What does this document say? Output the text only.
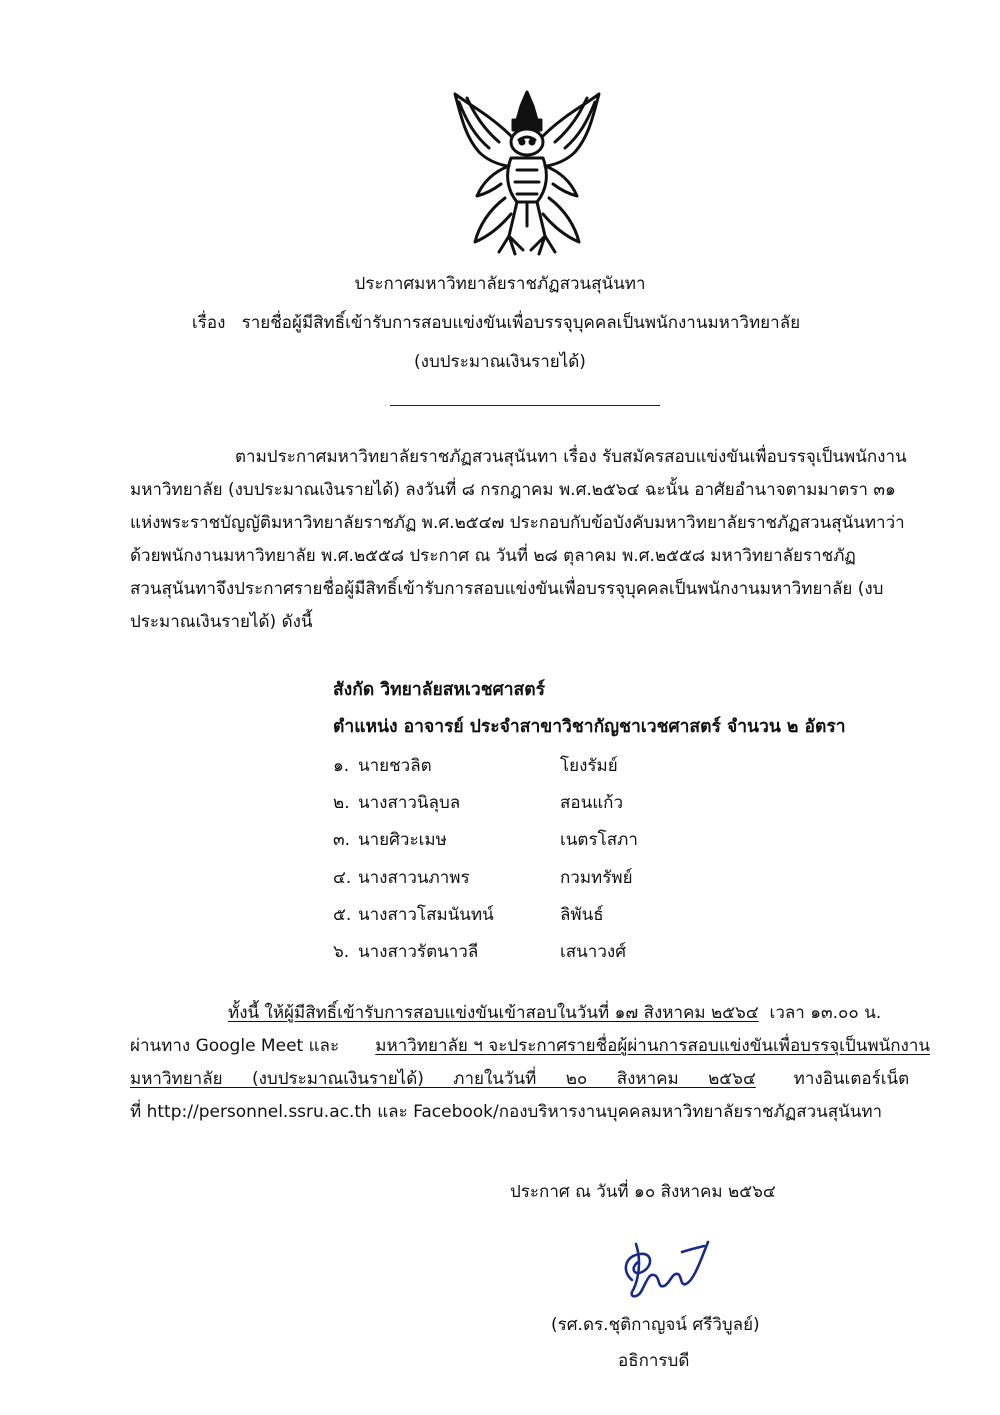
ประกาศมหาวิทยาลัยราชภัฏสวนสุนันทา
เรื่อง รายชื่อผู้มีสิทธิ์เข้ารับการสอบแข่งขันเพื่อบรรจุบุคคลเป็นพนักงานมหาวิทยาลัย
(งบประมาณเงินรายได้)
ตามประกาศมหาวิทยาลัยราชภัฏสวนสุนันทา เรื่อง รับสมัครสอบแข่งขันเพื่อบรรจุเป็นพนักงาน
มหาวิทยาลัย (งบประมาณเงินรายได้) ลงวันที่ ๘ กรกฎาคม พ.ศ.๒๕๖๔ ฉะนั้น อาศัยอำนาจตามมาตรา ๓๑
แห่งพระราชบัญญัติมหาวิทยาลัยราชภัฏ พ.ศ.๒๕๔๗ ประกอบกับข้อบังคับมหาวิทยาลัยราชภัฏสวนสุนันทาว่า
ด้วยพนักงานมหาวิทยาลัย พ.ศ.๒๕๕๘ ประกาศ ณ วันที่ ๒๘ ตุลาคม พ.ศ.๒๕๕๘ มหาวิทยาลัยราชภัฏ
สวนสุนันทาจึงประกาศรายชื่อผู้มีสิทธิ์เข้ารับการสอบแข่งขันเพื่อบรรจุบุคคลเป็นพนักงานมหาวิทยาลัย (งบ
ประมาณเงินรายได้) ดังนี้
สังกัด วิทยาลัยสหเวชศาสตร์
ตำแหน่ง อาจารย์ ประจำสาขาวิชากัญชาเวชศาสตร์ จำนวน ๒ อัตรา
๑. นายชวลิต	โยงรัมย์
๒. นางสาวนิลุบล	สอนแก้ว
๓. นายศิวะเมษ	เนตรโสภา
๔. นางสาวนภาพร	กวมทรัพย์
๕. นางสาวโสมนันทน์	ลิพันธ์
๖. นางสาวรัตนาวลี	เสนาวงศ์
ทั้งนี้ ให้ผู้มีสิทธิ์เข้ารับการสอบแข่งขันเข้าสอบในวันที่ ๑๗ สิงหาคม ๒๕๖๔ เวลา ๑๓.๐๐ น.
ผ่านทาง Google Meet และ มหาวิทยาลัย ฯ จะประกาศรายชื่อผู้ผ่านการสอบแข่งขันเพื่อบรรจุเป็นพนักงาน
มหาวิทยาลัย (งบประมาณเงินรายได้) ภายในวันที่ ๒๐ สิงหาคม ๒๕๖๔ ทางอินเตอร์เน็ต
ที่ http://personnel.ssru.ac.th และ Facebook/กองบริหารงานบุคคลมหาวิทยาลัยราชภัฏสวนสุนันทา
ประกาศ ณ วันที่ ๑๐ สิงหาคม ๒๕๖๔
(รศ.ดร.ชุติกาญจน์ ศรีวิบูลย์)
อธิการบดี
